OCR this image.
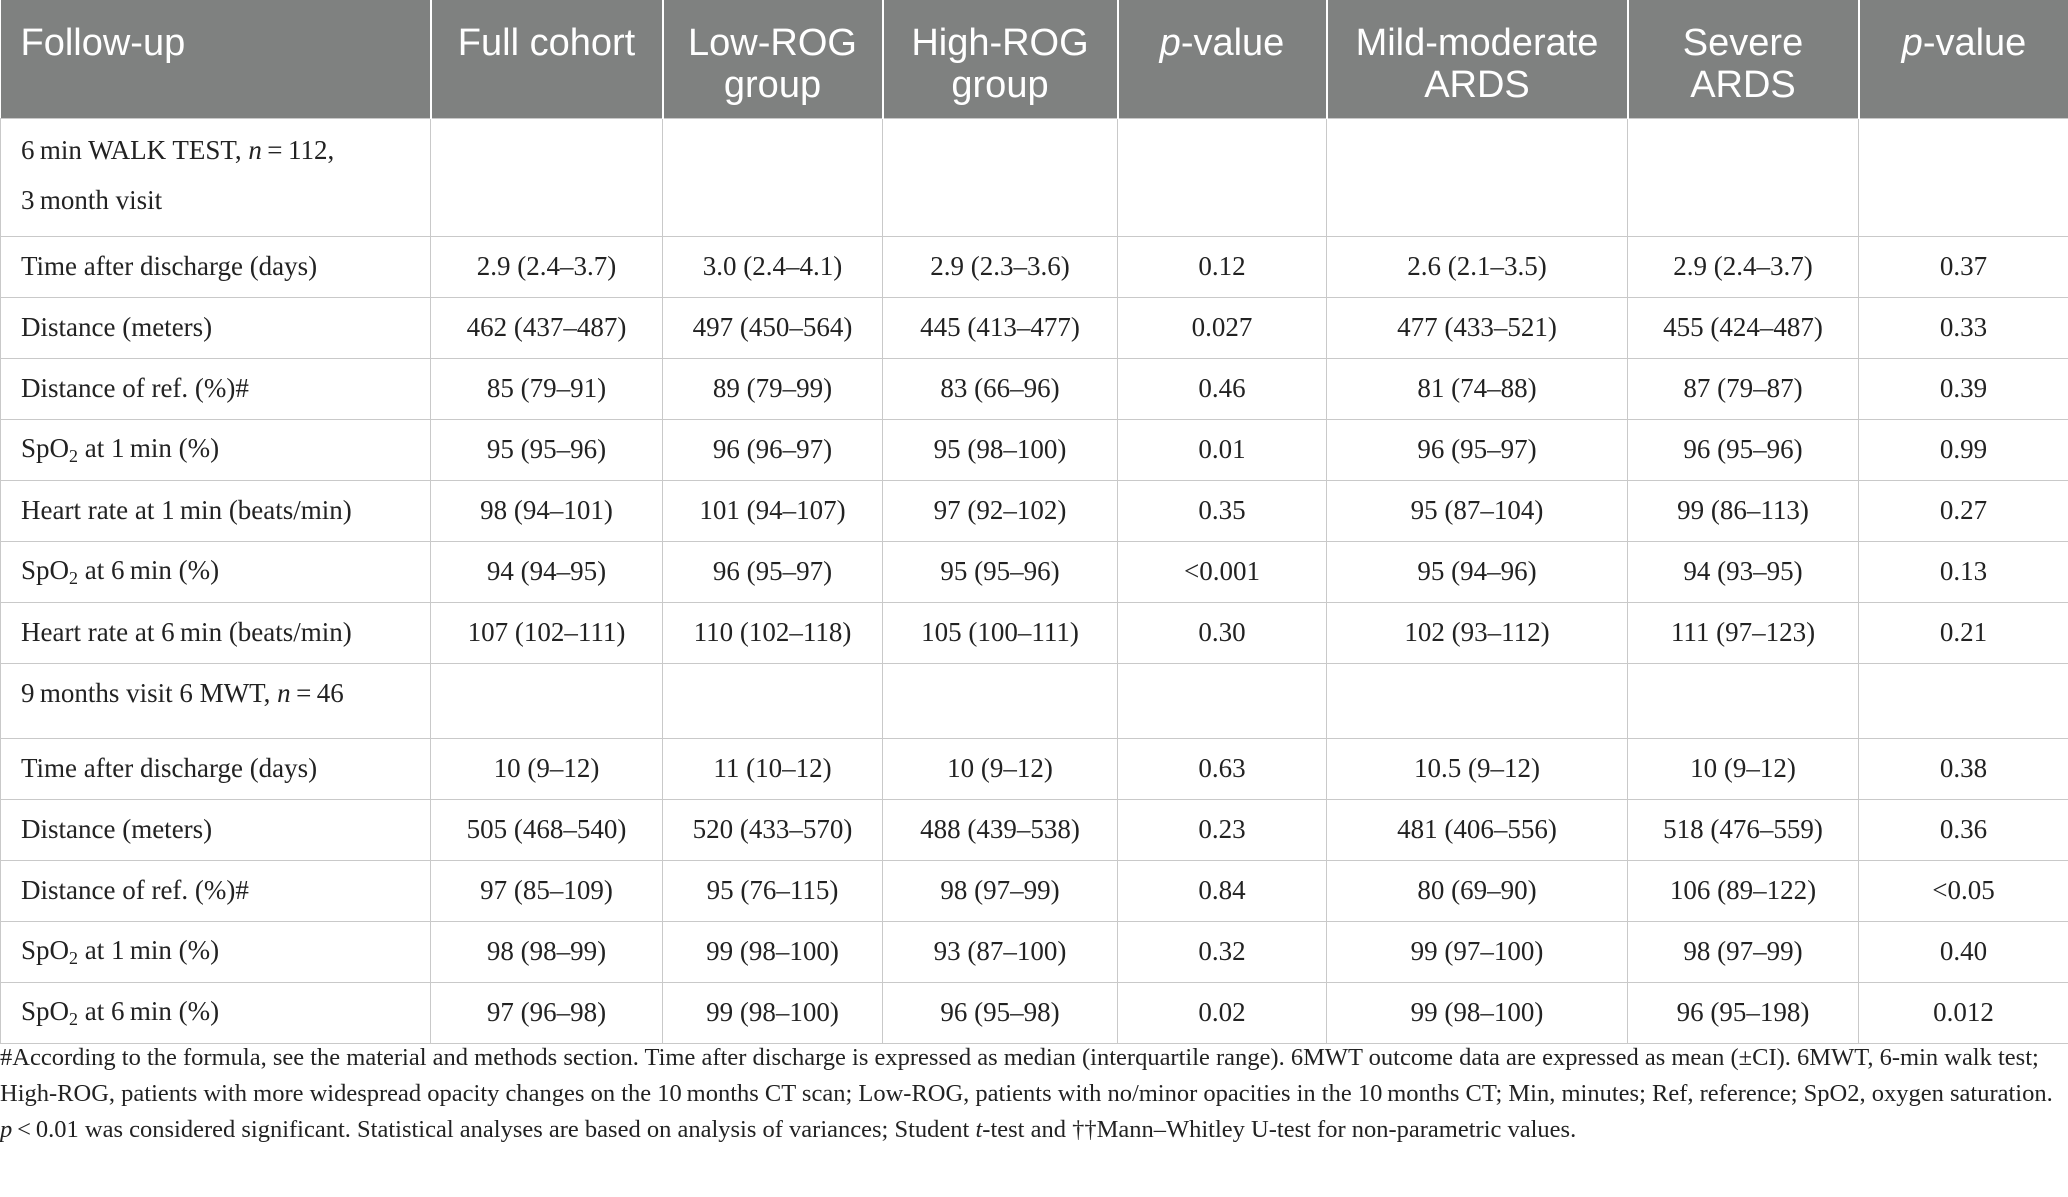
Follow-up	Full cohort	Low-ROG group	High-ROG group	p-value	Mild-moderate ARDS	Severe ARDS	p-value
6 min WALK TEST, n = 112,
3 month visit							
Time after discharge (days)	2.9 (2.4–3.7)	3.0 (2.4–4.1)	2.9 (2.3–3.6)	0.12	2.6 (2.1–3.5)	2.9 (2.4–3.7)	0.37
Distance (meters)	462 (437–487)	497 (450–564)	445 (413–477)	0.027	477 (433–521)	455 (424–487)	0.33
Distance of ref. (%)#	85 (79–91)	89 (79–99)	83 (66–96)	0.46	81 (74–88)	87 (79–87)	0.39
SpO$_2$ at 1 min (%)	95 (95–96)	96 (96–97)	95 (98–100)	0.01	96 (95–97)	96 (95–96)	0.99
Heart rate at 1 min (beats/min)	98 (94–101)	101 (94–107)	97 (92–102)	0.35	95 (87–104)	99 (86–113)	0.27
SpO$_2$ at 6 min (%)	94 (94–95)	96 (95–97)	95 (95–96)	<0.001	95 (94–96)	94 (93–95)	0.13
Heart rate at 6 min (beats/min)	107 (102–111)	110 (102–118)	105 (100–111)	0.30	102 (93–112)	111 (97–123)	0.21
9 months visit 6 MWT, n = 46							
Time after discharge (days)	10 (9–12)	11 (10–12)	10 (9–12)	0.63	10.5 (9–12)	10 (9–12)	0.38
Distance (meters)	505 (468–540)	520 (433–570)	488 (439–538)	0.23	481 (406–556)	518 (476–559)	0.36
Distance of ref. (%)#	97 (85–109)	95 (76–115)	98 (97–99)	0.84	80 (69–90)	106 (89–122)	<0.05
SpO$_2$ at 1 min (%)	98 (98–99)	99 (98–100)	93 (87–100)	0.32	99 (97–100)	98 (97–99)	0.40
SpO$_2$ at 6 min (%)	97 (96–98)	99 (98–100)	96 (95–98)	0.02	99 (98–100)	96 (95–198)	0.012

#According to the formula, see the material and methods section. Time after discharge is expressed as median (interquartile range). 6MWT outcome data are expressed as mean (±CI). 6MWT, 6-min walk test; High-ROG, patients with more widespread opacity changes on the 10 months CT scan; Low-ROG, patients with no/minor opacities in the 10 months CT; Min, minutes; Ref, reference; SpO2, oxygen saturation. p < 0.01 was considered significant. Statistical analyses are based on analysis of variances; Student t-test and ††Mann–Whitley U-test for non-parametric values.
